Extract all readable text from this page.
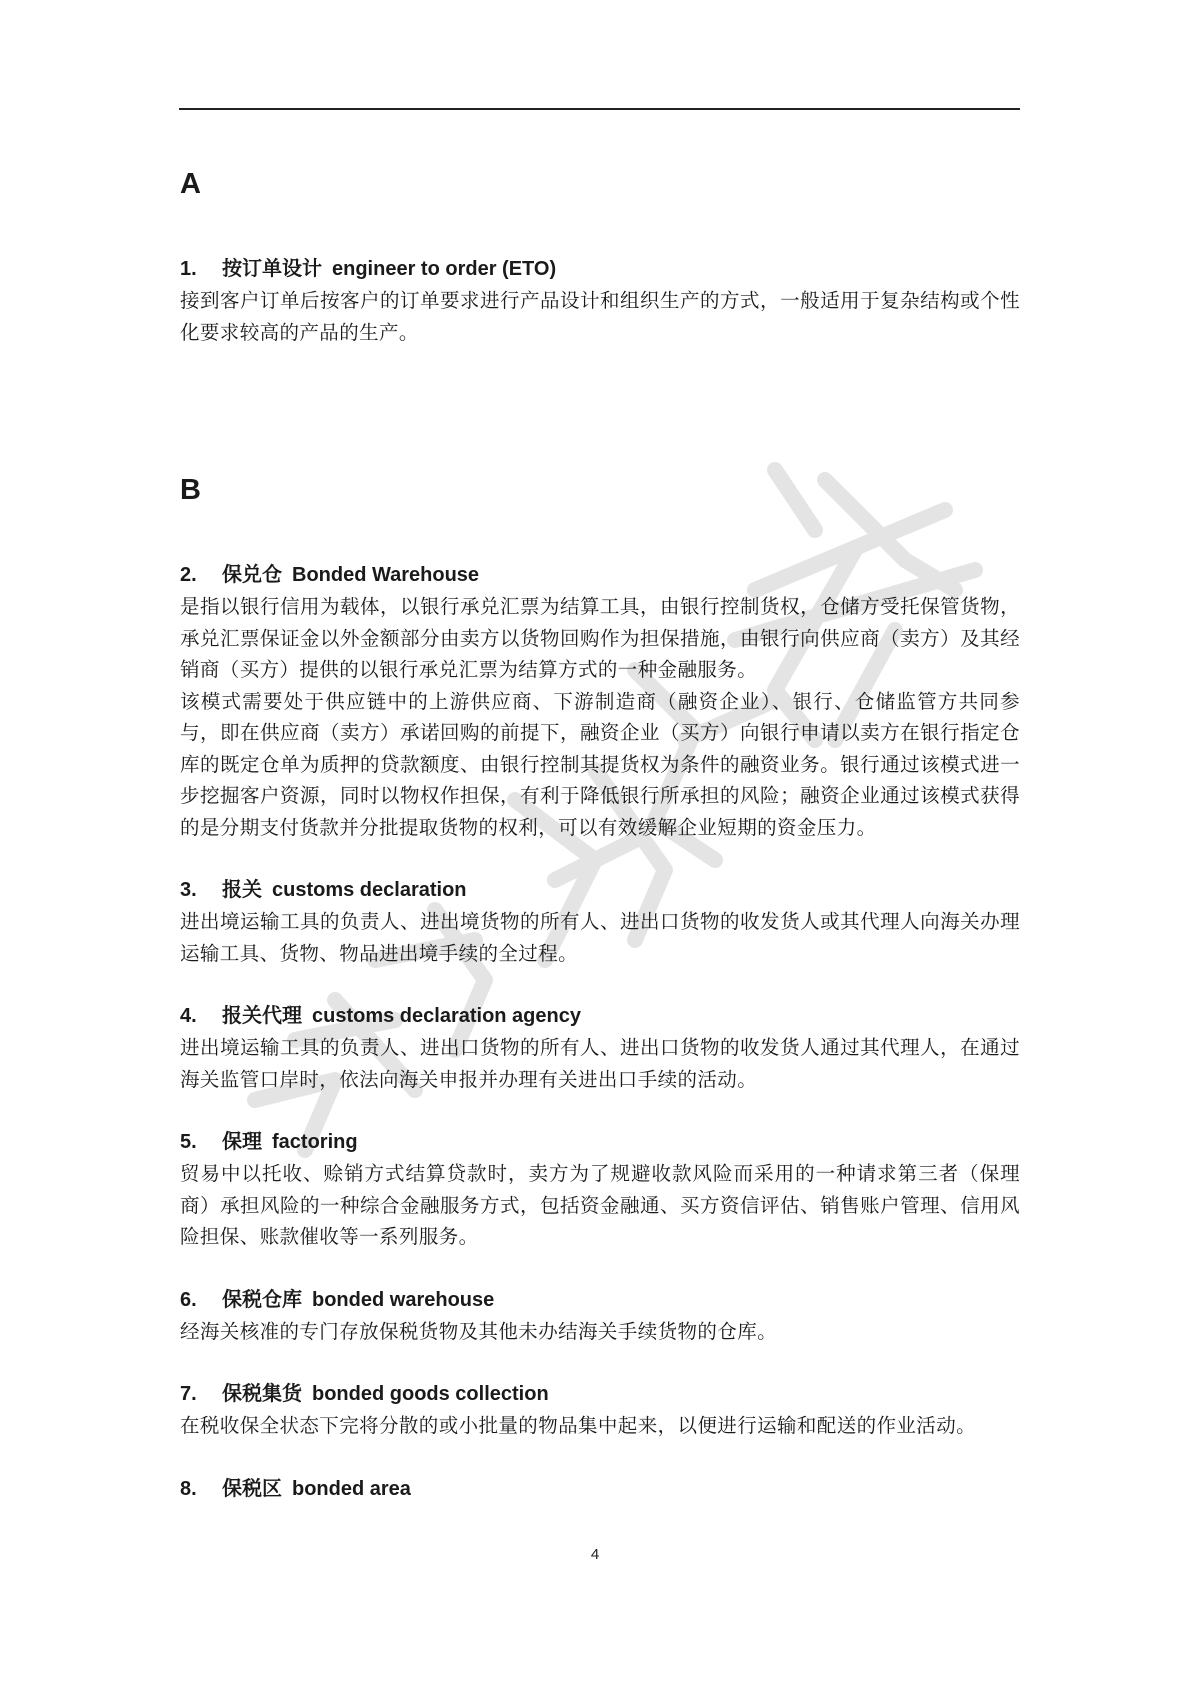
A

1. 按订单设计 engineer to order (ETO)

接到客户订单后按客户的订单要求进行产品设计和组织生产的方式，一般适用于复杂结构或个性化要求较高的产品的生产。

B

2. 保兑仓 Bonded Warehouse

是指以银行信用为载体，以银行承兑汇票为结算工具，由银行控制货权，仓储方受托保管货物，承兑汇票保证金以外金额部分由卖方以货物回购作为担保措施，由银行向供应商（卖方）及其经销商（买方）提供的以银行承兑汇票为结算方式的一种金融服务。

该模式需要处于供应链中的上游供应商、下游制造商（融资企业）、银行、仓储监管方共同参与，即在供应商（卖方）承诺回购的前提下，融资企业（买方）向银行申请以卖方在银行指定仓库的既定仓单为质押的贷款额度、由银行控制其提货权为条件的融资业务。银行通过该模式进一步挖掘客户资源，同时以物权作担保，有利于降低银行所承担的风险；融资企业通过该模式获得的是分期支付货款并分批提取货物的权利，可以有效缓解企业短期的资金压力。

3. 报关 customs declaration

进出境运输工具的负责人、进出境货物的所有人、进出口货物的收发货人或其代理人向海关办理运输工具、货物、物品进出境手续的全过程。

4. 报关代理 customs declaration agency

进出境运输工具的负责人、进出口货物的所有人、进出口货物的收发货人通过其代理人，在通过海关监管口岸时，依法向海关申报并办理有关进出口手续的活动。

5. 保理 factoring

贸易中以托收、赊销方式结算贷款时，卖方为了规避收款风险而采用的一种请求第三者（保理商）承担风险的一种综合金融服务方式，包括资金融通、买方资信评估、销售账户管理、信用风险担保、账款催收等一系列服务。

6. 保税仓库 bonded warehouse

经海关核准的专门存放保税货物及其他未办结海关手续货物的仓库。

7. 保税集货 bonded goods collection

在税收保全状态下完将分散的或小批量的物品集中起来，以便进行运输和配送的作业活动。

8. 保税区 bonded area

4
